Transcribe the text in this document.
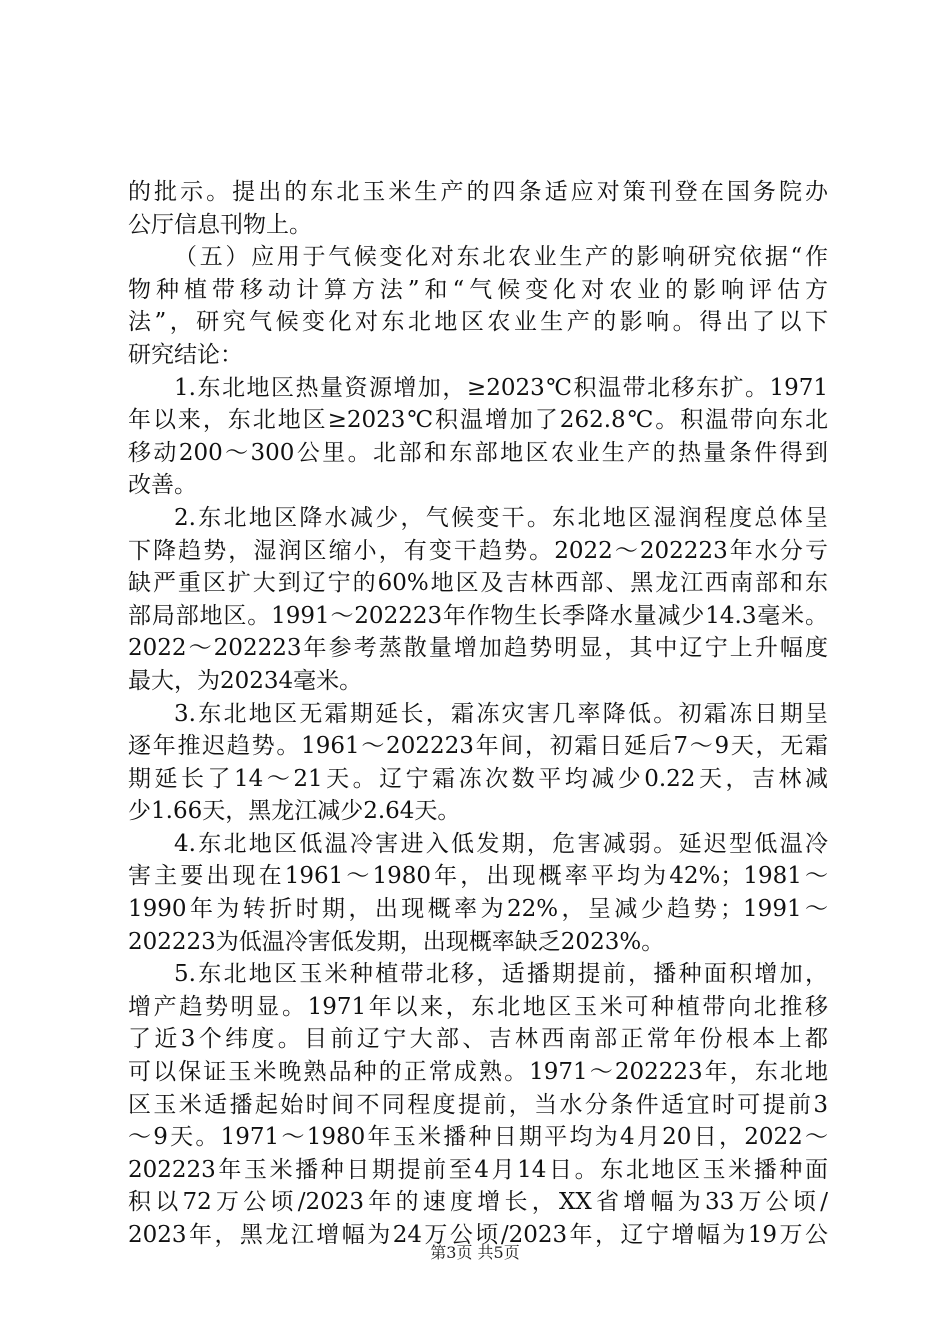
的批示。提出的东北玉米生产的四条适应对策刊登在国务院办
公厅信息刊物上。
（五）应用于气候变化对东北农业生产的影响研究依据“作
物种植带移动计算方法”和“气候变化对农业的影响评估方
法”，研究气候变化对东北地区农业生产的影响。得出了以下
研究结论：
1.东北地区热量资源增加，≥2023℃积温带北移东扩。1971
年以来，东北地区≥2023℃积温增加了262.8℃。积温带向东北
移动200～300公里。北部和东部地区农业生产的热量条件得到
改善。
2.东北地区降水减少，气候变干。东北地区湿润程度总体呈
下降趋势，湿润区缩小，有变干趋势。2022～202223年水分亏
缺严重区扩大到辽宁的60%地区及吉林西部、黑龙江西南部和东
部局部地区。1991～202223年作物生长季降水量减少14.3毫米。
2022～202223年参考蒸散量增加趋势明显，其中辽宁上升幅度
最大，为20234毫米。
3.东北地区无霜期延长，霜冻灾害几率降低。初霜冻日期呈
逐年推迟趋势。1961～202223年间，初霜日延后7～9天，无霜
期延长了14～21天。辽宁霜冻次数平均减少0.22天，吉林减
少1.66天，黑龙江减少2.64天。
4.东北地区低温冷害进入低发期，危害减弱。延迟型低温冷
害主要出现在1961～1980年，出现概率平均为42%；1981～
1990年为转折时期，出现概率为22%，呈减少趋势；1991～
202223为低温冷害低发期，出现概率缺乏2023%。
5.东北地区玉米种植带北移，适播期提前，播种面积增加，
增产趋势明显。1971年以来，东北地区玉米可种植带向北推移
了近3个纬度。目前辽宁大部、吉林西南部正常年份根本上都
可以保证玉米晚熟品种的正常成熟。1971～202223年，东北地
区玉米适播起始时间不同程度提前，当水分条件适宜时可提前3
～9天。1971～1980年玉米播种日期平均为4月20日，2022～
202223年玉米播种日期提前至4月14日。东北地区玉米播种面
积以72万公顷/2023年的速度增长，XX省增幅为33万公顷/
2023年，黑龙江增幅为24万公顷/2023年，辽宁增幅为19万公
第3页 共5页
